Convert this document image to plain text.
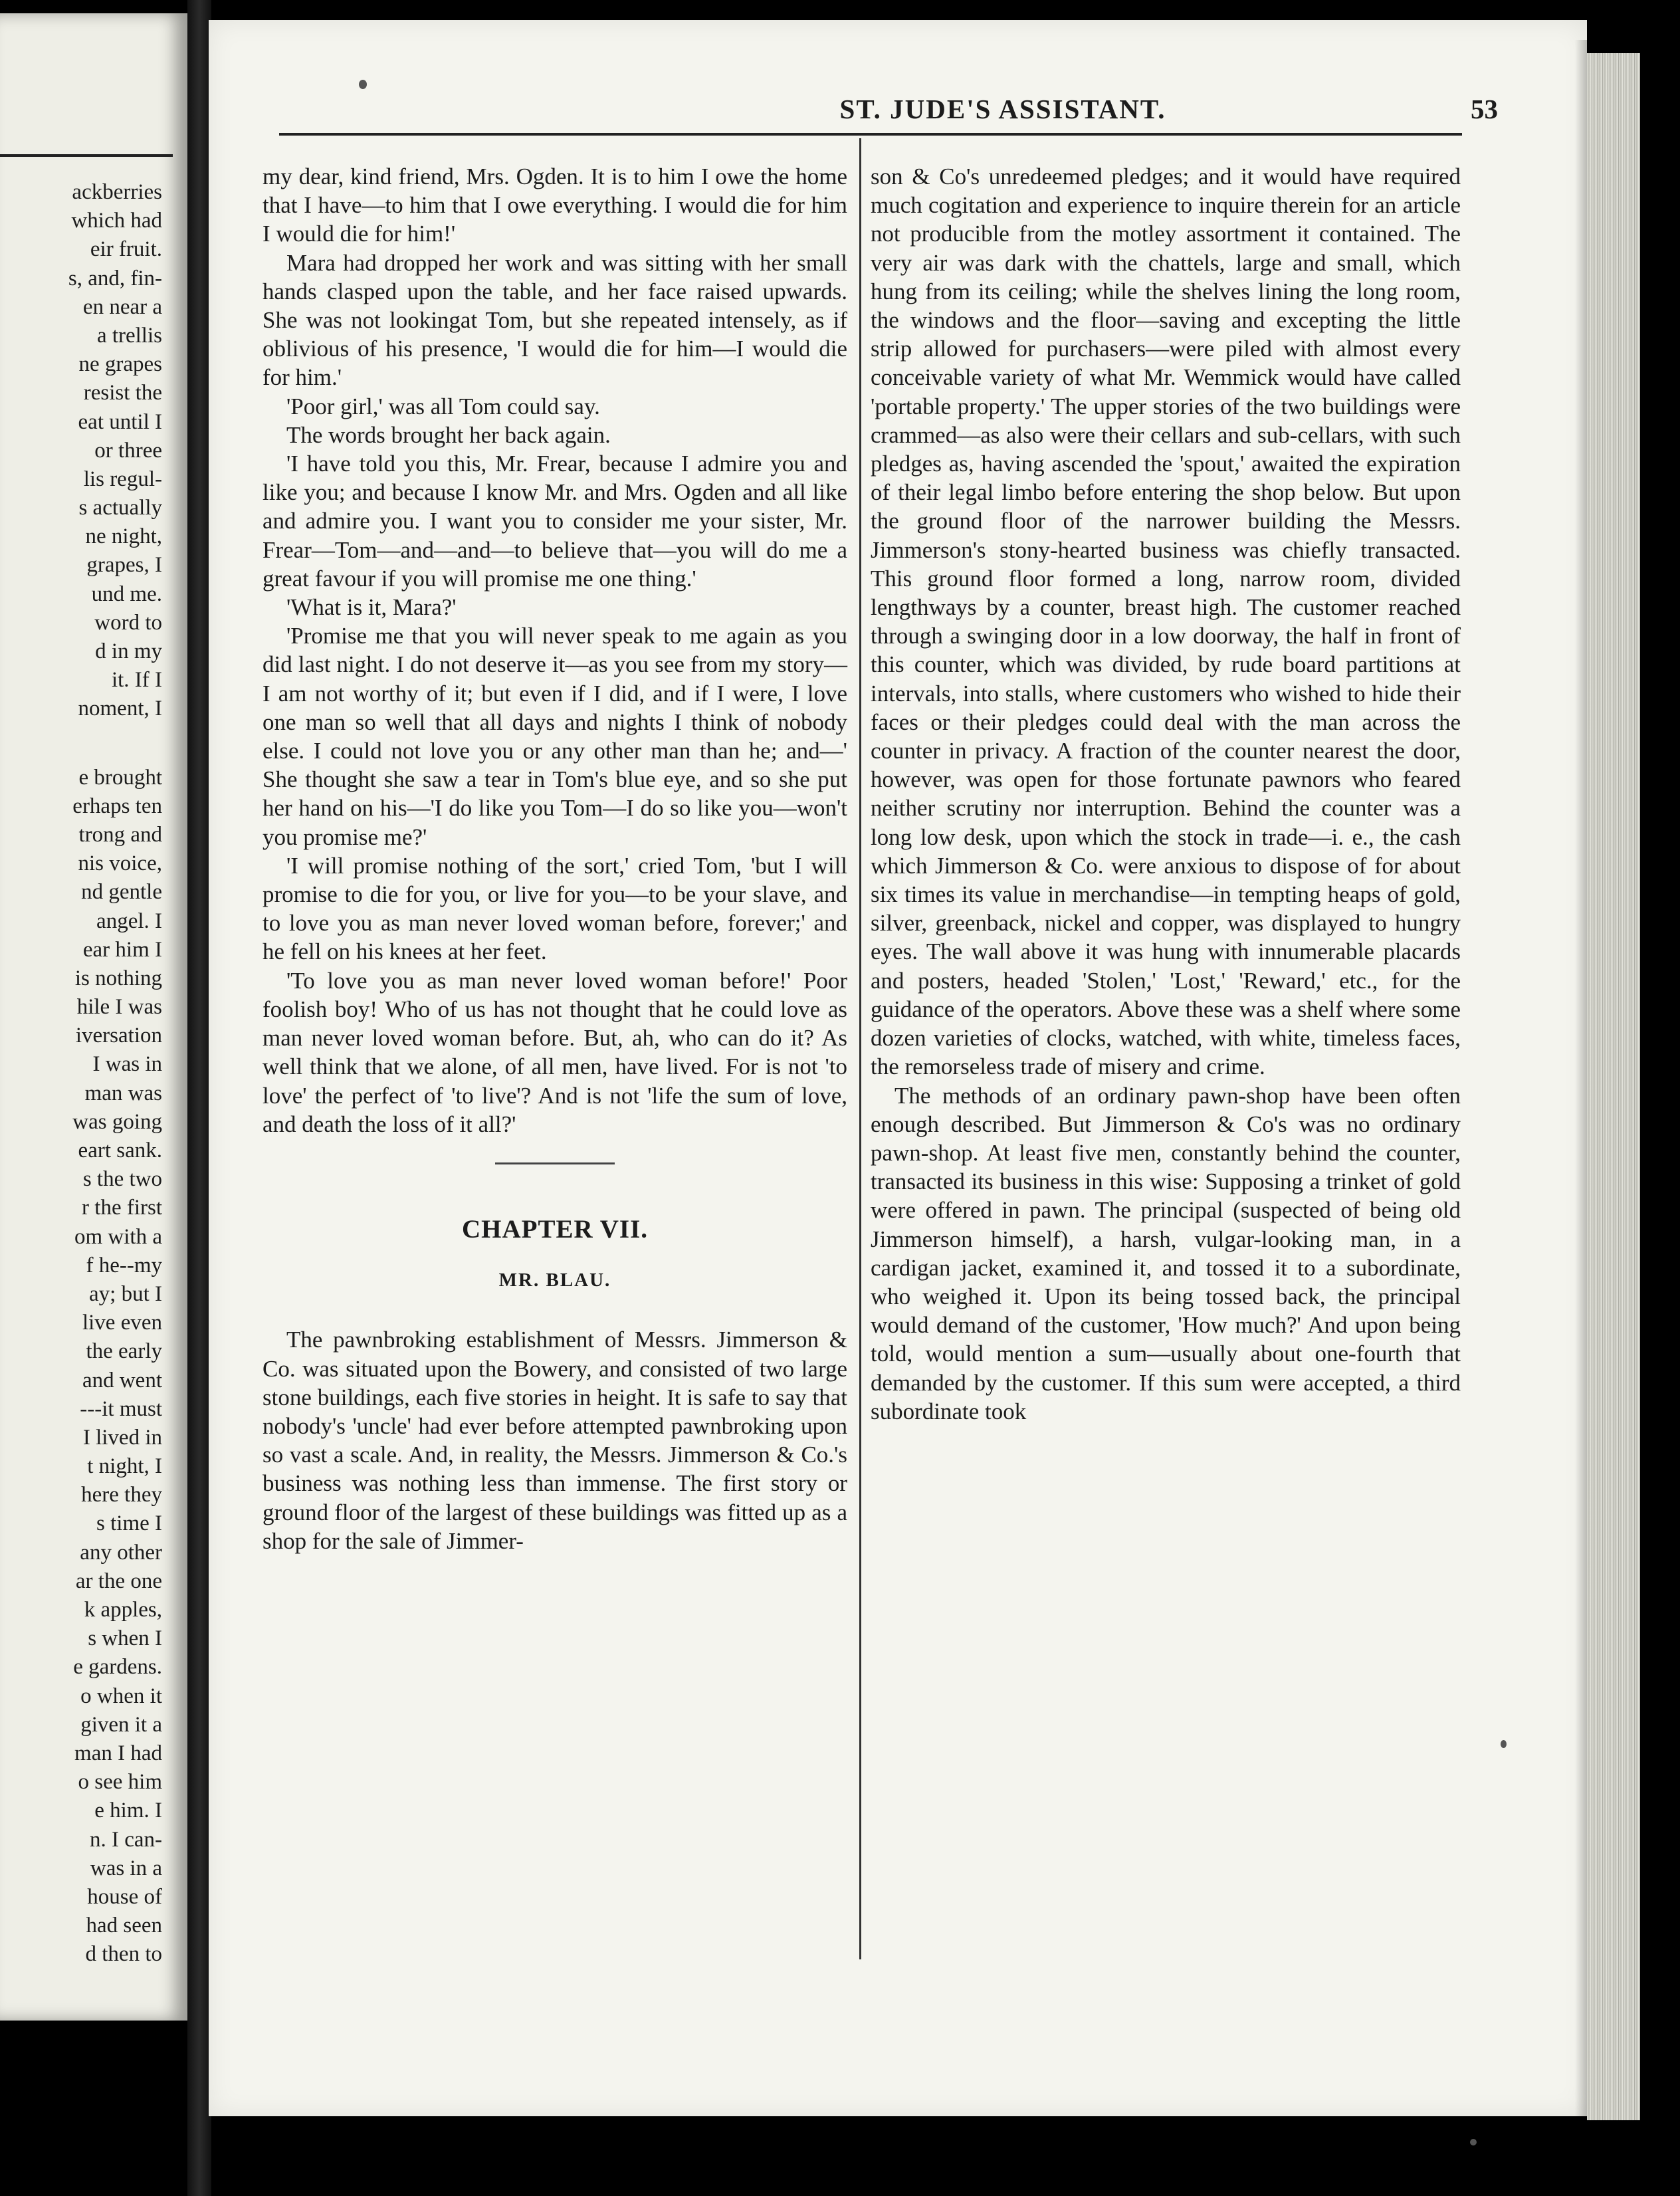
ackberries
which had
eir fruit.
s, and, fin-
en near a
a trellis
ne grapes
resist the
eat until I
or three
lis regul-
s actually
ne night,
grapes, I
und me.
word to
d in my
it. If I
noment, I
e brought
erhaps ten
trong and
nis voice,
nd gentle
angel. I
ear him I
is nothing
hile I was
iversation
I was in
man was
was going
eart sank.
s the two
r the first
om with a
f he--my
ay; but I
live even
the early
and went
---it must
I lived in
t night, I
here they
s time I
any other
ar the one
k apples,
s when I
e gardens.
o when it
given it a
man I had
o see him
e him. I
n. I can-
was in a
house of
had seen
d then to
ST. JUDE'S ASSISTANT.	53

my dear, kind friend, Mrs. Ogden. It is to him I owe the home that I have—to him that I owe everything. I would die for him I would die for him!'

Mara had dropped her work and was sitting with her small hands clasped upon the table, and her face raised upwards. She was not lookingat Tom, but she repeated intensely, as if oblivious of his presence, 'I would die for him—I would die for him.'

'Poor girl,' was all Tom could say.

The words brought her back again.

'I have told you this, Mr. Frear, because I admire you and like you; and because I know Mr. and Mrs. Ogden and all like and admire you. I want you to consider me your sister, Mr. Frear—Tom—and—and—to believe that—you will do me a great favour if you will promise me one thing.'

'What is it, Mara?'

'Promise me that you will never speak to me again as you did last night. I do not deserve it—as you see from my story—I am not worthy of it; but even if I did, and if I were, I love one man so well that all days and nights I think of nobody else. I could not love you or any other man than he; and—' She thought she saw a tear in Tom's blue eye, and so she put her hand on his—'I do like you Tom—I do so like you—won't you promise me?'

'I will promise nothing of the sort,' cried Tom, 'but I will promise to die for you, or live for you—to be your slave, and to love you as man never loved woman before, forever;' and he fell on his knees at her feet.

'To love you as man never loved woman before!' Poor foolish boy! Who of us has not thought that he could love as man never loved woman before. But, ah, who can do it? As well think that we alone, of all men, have lived. For is not 'to love' the perfect of 'to live'? And is not 'life the sum of love, and death the loss of it all?'

CHAPTER VII.
MR. BLAU.

The pawnbroking establishment of Messrs. Jimmerson & Co. was situated upon the Bowery, and consisted of two large stone buildings, each five stories in height. It is safe to say that nobody's 'uncle' had ever before attempted pawnbroking upon so vast a scale. And, in reality, the Messrs. Jimmerson & Co.'s business was nothing less than immense. The first story or ground floor of the largest of these buildings was fitted up as a shop for the sale of Jimmer-

son & Co's unredeemed pledges; and it would have required much cogitation and experience to inquire therein for an article not producible from the motley assortment it contained. The very air was dark with the chattels, large and small, which hung from its ceiling; while the shelves lining the long room, the windows and the floor—saving and excepting the little strip allowed for purchasers—were piled with almost every conceivable variety of what Mr. Wemmick would have called 'portable property.' The upper stories of the two buildings were crammed—as also were their cellars and sub-cellars, with such pledges as, having ascended the 'spout,' awaited the expiration of their legal limbo before entering the shop below. But upon the ground floor of the narrower building the Messrs. Jimmerson's stony-hearted business was chiefly transacted. This ground floor formed a long, narrow room, divided lengthways by a counter, breast high. The customer reached through a swinging door in a low doorway, the half in front of this counter, which was divided, by rude board partitions at intervals, into stalls, where customers who wished to hide their faces or their pledges could deal with the man across the counter in privacy. A fraction of the counter nearest the door, however, was open for those fortunate pawnors who feared neither scrutiny nor interruption. Behind the counter was a long low desk, upon which the stock in trade—i. e., the cash which Jimmerson & Co. were anxious to dispose of for about six times its value in merchandise—in tempting heaps of gold, silver, greenback, nickel and copper, was displayed to hungry eyes. The wall above it was hung with innumerable placards and posters, headed 'Stolen,' 'Lost,' 'Reward,' etc., for the guidance of the operators. Above these was a shelf where some dozen varieties of clocks, watched, with white, timeless faces, the remorseless trade of misery and crime.

The methods of an ordinary pawn-shop have been often enough described. But Jimmerson & Co's was no ordinary pawn-shop. At least five men, constantly behind the counter, transacted its business in this wise: Supposing a trinket of gold were offered in pawn. The principal (suspected of being old Jimmerson himself), a harsh, vulgar-looking man, in a cardigan jacket, examined it, and tossed it to a subordinate, who weighed it. Upon its being tossed back, the principal would demand of the customer, 'How much?' And upon being told, would mention a sum—usually about one-fourth that demanded by the customer. If this sum were accepted, a third subordinate took
